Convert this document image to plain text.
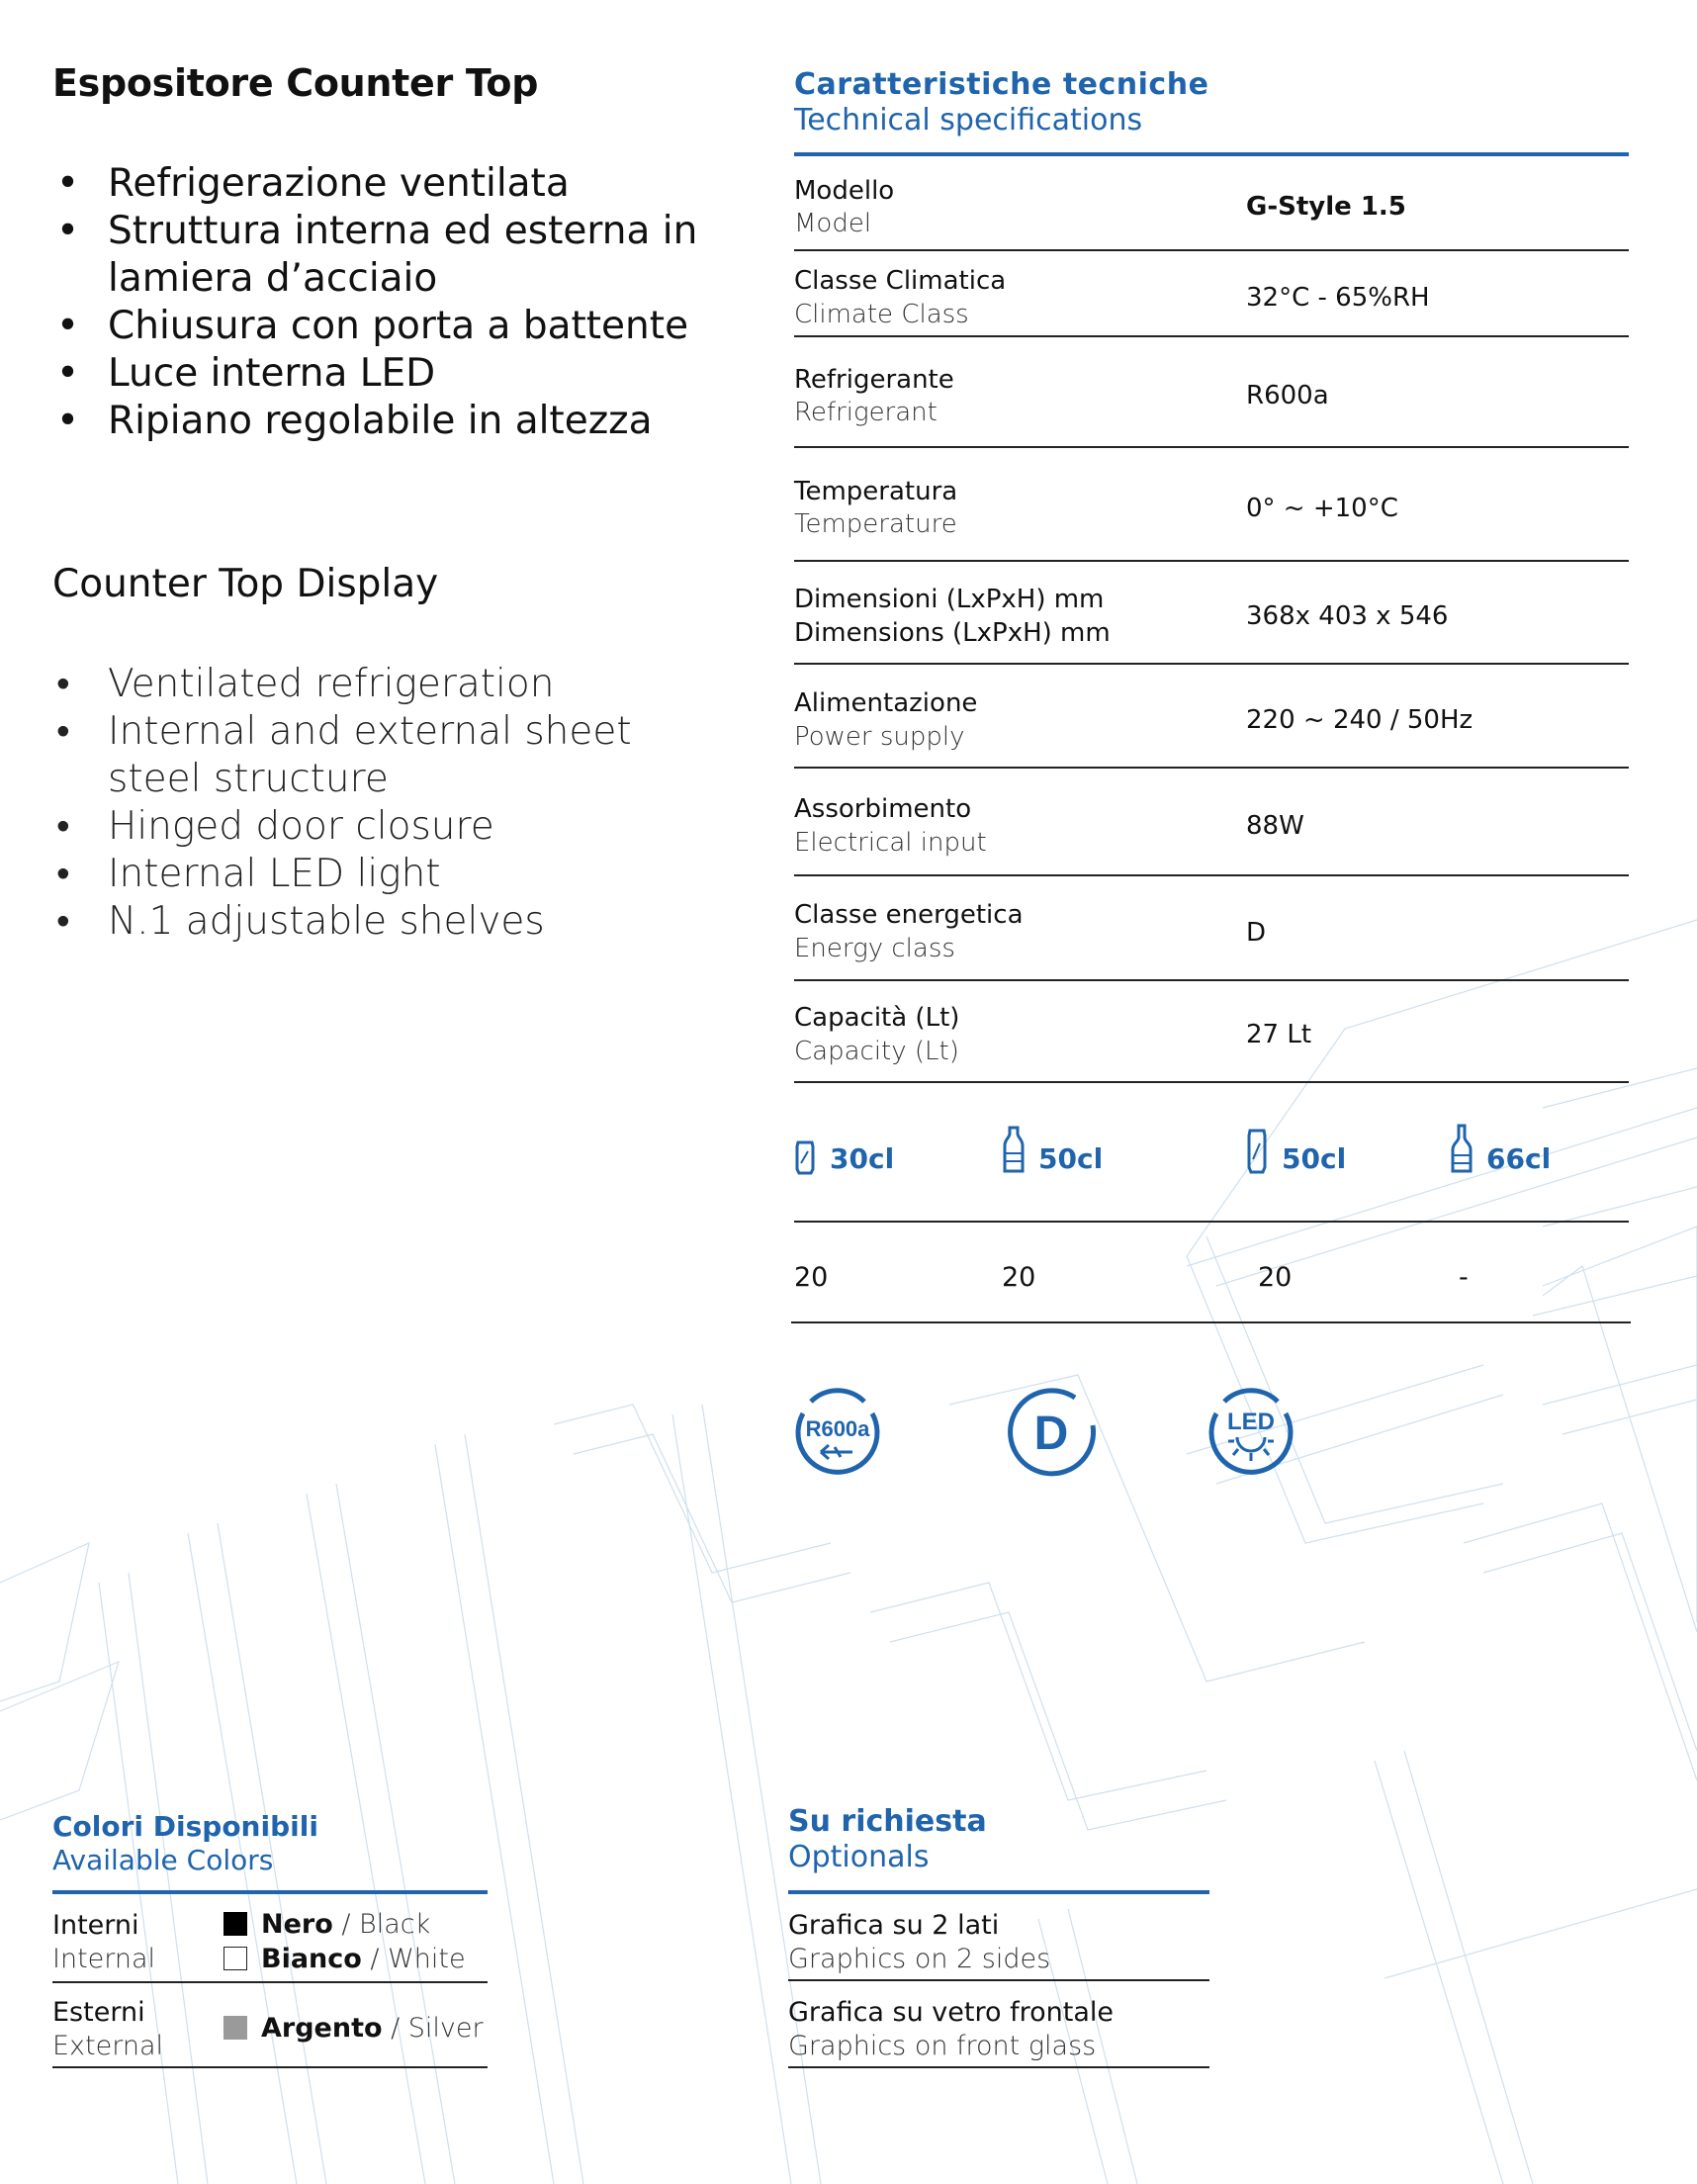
Espositore Counter Top
• Refrigerazione ventilata
• Struttura interna ed esterna in lamiera d’acciaio
• Chiusura con porta a battente
• Luce interna LED
• Ripiano regolabile in altezza
Counter Top Display
• Ventilated refrigeration
• Internal and external sheet steel structure
• Hinged door closure
• Internal LED light
• N.1 adjustable shelves
Caratteristiche tecniche
Technical specifications
Modello
Model
G-Style 1.5
Classe Climatica
Climate Class
32°C - 65%RH
Refrigerante
Refrigerant
R600a
Temperatura
Temperature
0° ~ +10°C
Dimensioni (LxPxH) mm
Dimensions (LxPxH) mm
368x 403 x 546
Alimentazione
Power supply
220 ~ 240 / 50Hz
Assorbimento
Electrical input
88W
Classe energetica
Energy class
D
Capacità (Lt)
Capacity (Lt)
27 Lt
30cl	50cl	50cl	66cl
20	20	20	-
R600a	D	LED
Colori Disponibili
Available Colors
Interni
Internal
Nero / Black
Bianco / White
Esterni
External
Argento / Silver
Su richiesta
Optionals
Grafica su 2 lati
Graphics on 2 sides
Grafica su vetro frontale
Graphics on front glass
